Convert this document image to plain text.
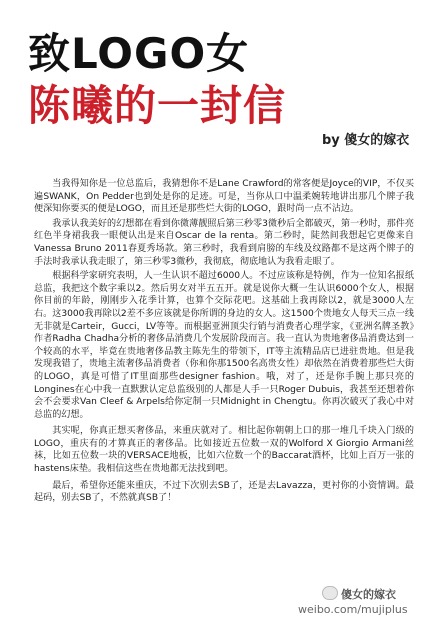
致LOGO女
陈曦的一封信
by 傻女的嫁衣

当我得知你是一位总监后，我猜想你不是Lane Crawford的常客便是Joyce的VIP，不仅买遍SWANK，On Pedder也到处是你的足迹。可是，当你从口中温柔婉转地讲出那几个牌子我便深知你要买的便是LOGO，而且还是那些烂大街的LOGO，跟时尚一点不沾边。

我承认我美好的幻想都在看到你微薄靓照后第三秒零3微秒后全都破灭，第一秒时，那件亮红色半身裙我我一眼便认出是来自Oscar de la renta。第二秒时，陡然间我想起它更像来自Vanessa Bruno 2011春夏秀场款。第三秒时，我看到肩膀的车线及纹路都不是这两个牌子的手法时我承认我走眼了，第三秒零3微秒，我彻底，彻底地认为我看走眼了。

根据科学家研究表明，人一生认识不超过6000人。不过应该称是特例，作为一位知名报纸总监，我把这个数字乘以2。然后男女对半五五开。就是说你大概一生认识6000个女人，根据你目前的年龄，刚刚步入花季计算，也算个交际花吧。这基础上我再除以2，就是3000人左右。这3000我再除以2差不多应该就是你所谓的身边的女人。这1500个贵地女人每天三点一线无非就是Carteir，Gucci，LV等等。而根据亚洲顶尖行销与消费者心理学家，《亚洲名牌圣教》作者Radha Chadha分析的奢侈品消费几个发展阶段而言。我一直认为贵地奢侈品消费达到一个较高的水平，毕竟在贵地奢侈品教主陈先生的带领下，IT等主流精品店已进驻贵地。但是我发现我错了，贵地主流奢侈品消费者（你和你那1500名高贵女性）却依然在消费着那些烂大街的LOGO，真是可惜了IT里面那些designer fashion。哦，对了，还是你手腕上那只亮的Longines在心中我一直默默认定总监级别的人都是人手一只Roger Dubuis，我甚至还想着你会不会要求Van Cleef & Arpels给你定制一只Midnight in Chengtu。你再次破灭了我心中对总监的幻想。

其实呢，你真正想买奢侈品，来重庆就对了。相比起你朝朝上口的那一堆几千块入门级的LOGO，重庆有的才算真正的奢侈品。比如接近五位数一双的Wolford X Giorgio Armani丝袜，比如五位数一块的VERSACE地板，比如六位数一个的Baccarat酒杯，比如上百万一张的hastens床垫。我相信这些在贵地都无法找到吧。

最后，希望你还能来重庆，不过下次别去SB了，还是去Lavazza，更衬你的小资情调。最起码，别去SB了，不然就真SB了！

傻女的嫁衣
weibo.com/mujiplus
